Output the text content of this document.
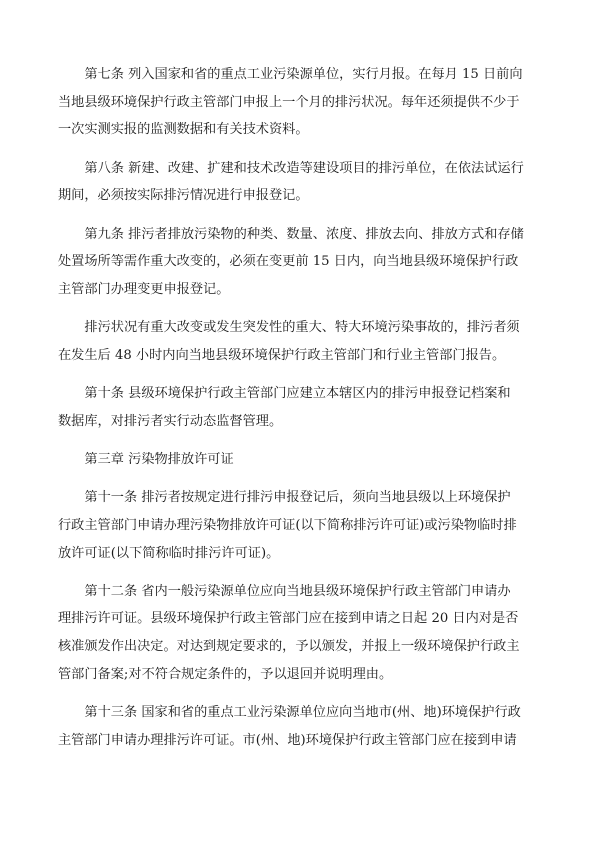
第七条 列入国家和省的重点工业污染源单位，实行月报。在每月 15 日前向
当地县级环境保护行政主管部门申报上一个月的排污状况。每年还须提供不少于
一次实测实报的监测数据和有关技术资料。

第八条 新建、改建、扩建和技术改造等建设项目的排污单位，在依法试运行
期间，必须按实际排污情况进行申报登记。

第九条 排污者排放污染物的种类、数量、浓度、排放去向、排放方式和存储
处置场所等需作重大改变的，必须在变更前 15 日内，向当地县级环境保护行政
主管部门办理变更申报登记。

排污状况有重大改变或发生突发性的重大、特大环境污染事故的，排污者须
在发生后 48 小时内向当地县级环境保护行政主管部门和行业主管部门报告。

第十条 县级环境保护行政主管部门应建立本辖区内的排污申报登记档案和
数据库，对排污者实行动态监督管理。

第三章 污染物排放许可证

第十一条 排污者按规定进行排污申报登记后，须向当地县级以上环境保护
行政主管部门申请办理污染物排放许可证(以下简称排污许可证)或污染物临时排
放许可证(以下简称临时排污许可证)。

第十二条 省内一般污染源单位应向当地县级环境保护行政主管部门申请办
理排污许可证。县级环境保护行政主管部门应在接到申请之日起 20 日内对是否
核准颁发作出决定。对达到规定要求的，予以颁发，并报上一级环境保护行政主
管部门备案;对不符合规定条件的，予以退回并说明理由。

第十三条 国家和省的重点工业污染源单位应向当地市(州、地)环境保护行政
主管部门申请办理排污许可证。市(州、地)环境保护行政主管部门应在接到申请
